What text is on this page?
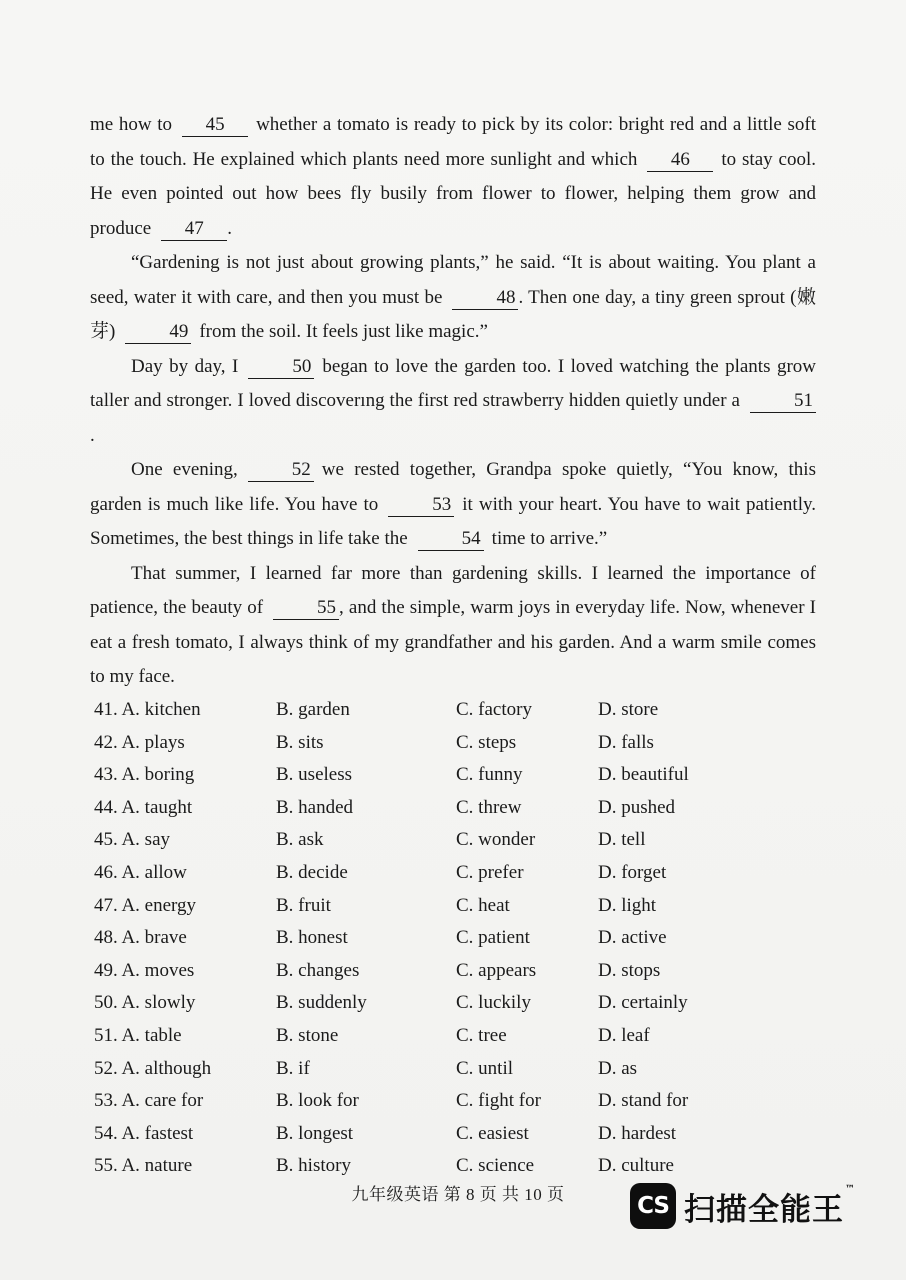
me how to 45 whether a tomato is ready to pick by its color: bright red and a little soft to the touch. He explained which plants need more sunlight and which 46 to stay cool. He even pointed out how bees fly busily from flower to flower, helping them grow and produce 47 .

“Gardening is not just about growing plants,” he said. “It is about waiting. You plant a seed, water it with care, and then you must be	48 . Then one day, a tiny green sprout (嫩芽)	49 from the soil. It feels just like magic.”

Day by day, I	50 began to love the garden too. I loved watching the plants grow taller and stronger. I loved discoverıng the first red strawberry hidden quietly under a	51.

One evening,	52 we rested together, Grandpa spoke quietly, “You know, this garden is much like life. You have to	53 it with your heart. You have to wait patiently. Sometimes, the best things in life take the	54 time to arrive.”

That summer, I learned far more than gardening skills. I learned the importance of patience, the beauty of	55 , and the simple, warm joys in everyday life. Now, whenever I eat a fresh tomato, I always think of my grandfather and his garden. And a warm smile comes to my face.

41. A. kitchen	B. garden	C. factory	D. store
42. A. plays	B. sits	C. steps	D. falls
43. A. boring	B. useless	C. funny	D. beautiful
44. A. taught	B. handed	C. threw	D. pushed
45. A. say	B. ask	C. wonder	D. tell
46. A. allow	B. decide	C. prefer	D. forget
47. A. energy	B. fruit	C. heat	D. light
48. A. brave	B. honest	C. patient	D. active
49. A. moves	B. changes	C. appears	D. stops
50. A. slowly	B. suddenly	C. luckily	D. certainly
51. A. table	B. stone	C. tree	D. leaf
52. A. although	B. if	C. until	D. as
53. A. care for	B. look for	C. fight for	D. stand for
54. A. fastest	B. longest	C. easiest	D. hardest
55. A. nature	B. history	C. science	D. culture
九年级英语 第 8 页 共 10 页	CS 扫描全能王™
